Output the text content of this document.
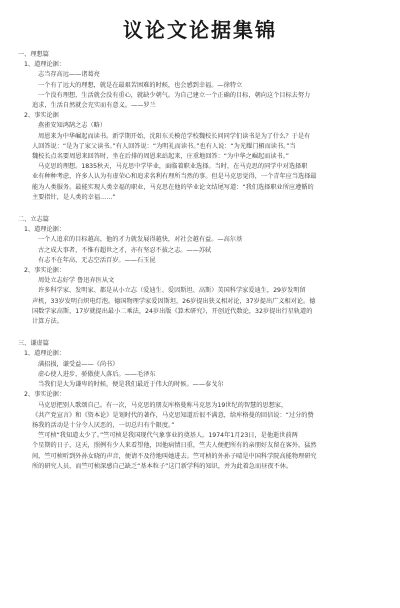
议论文论据集锦
一、理想篇
1、道理论据：
志当存高远——诸葛亮
一个有了远大的理想，就是在最艰苦困难的时候，也会感到幸福。—徐特立
一个没有理想，生活就会没有重心，就缺少朝气。为自己建立一个正确的目标，朝向这个目标去努力
追求，生活自然就会充实而有意义。——罗兰
2、事实论据
燕雀安知鸿鹄之志（略）
周恩来为中华崛起而读书。新学期开始，沈阳东关模范学校魏校长问同学们读书是为了什么？于是有
人回答说：“是为了家父读书。”有人回答说：“为明礼而读书。”也有人说：“为光耀门楣而读书。”当
魏校长点名要周恩来回答时，坐在后排的周恩来站起来，庄重地回答：“为中华之崛起而读书。”
马克思的理想。1835秋天，马克思中学毕业，面临着职业选择。当时，在马克思的同学中对选择职
业有种种考虑，许多人认为有虚荣心和追求名利有理所当然的事。但是马克思觉得，一个青年应当选择最
能为人类服务。最能实现人类幸福的职业，马克思在他的毕业论文结尾写道：“我们选择职业所应遵循的
主要指针，是人类的幸福……”
二、立志篇
1、道理论据：
一个人追求的目标越高，他的才力就发展得越快，对社会越有益。—高尔基
古之成大事者，不惟有超世之才，亦有坚忍不拔之志。——苏轼
有志不在年高，无志空活百岁。——石玉昆
2、事实论据：
周处立志好学 鲁迅弃医从文
许多科学家、发明家、都是从小立志（爱迪生、爱因斯坦、高斯）美国科学家爱迪生，29岁发明留
声机，33岁发明白炽电灯泡。德国物理学家爱因斯坦，26岁提出狭义相对论，37岁提出广义相对论。德
国数学家高斯，17岁就提出最小二乘法，24岁出版《算术研究》，开创近代数论，32岁提出行星轨道的
计算方法。
三、谦虚篇
1、道理论据：
满招损，谦受益——《尚书》
虚心使人进步，骄傲使人落后。——毛泽东
当我们是大为谦卑的时候，便是我们最近于伟大的时候。——泰戈尔
2、事实论据：
马克思把别人歌颂自己。有一次，马克思的朋友库格曼称马克思为19世纪的智慧的思想家，
《共产党宣言》和《资本论》是划时代的著作，马克思知道后很不满意，给库格曼的回信说：“过分的赞
扬我的活动是十分令人厌恶的，一切总归有个限度。”
竺可桢“我知道太少了。”竺可桢是我国现代气象事业的奠基人。1974年1月23日，是他逝世前两
个星期的日子，这天，照例有少人来看望他，因他病情日重，竺夫人便把所有的亲朋好友留在客外。猛然
间，竺可桢听到外孙女晓的声音，便请不及待地叫她进去。竺可桢的外孙子晴是中国科学院高能物理研究
所的研究人员，而竺可桢深感自己缺乏“基本粒子”这门新学科的知识，并为此着急而昼夜不休。
